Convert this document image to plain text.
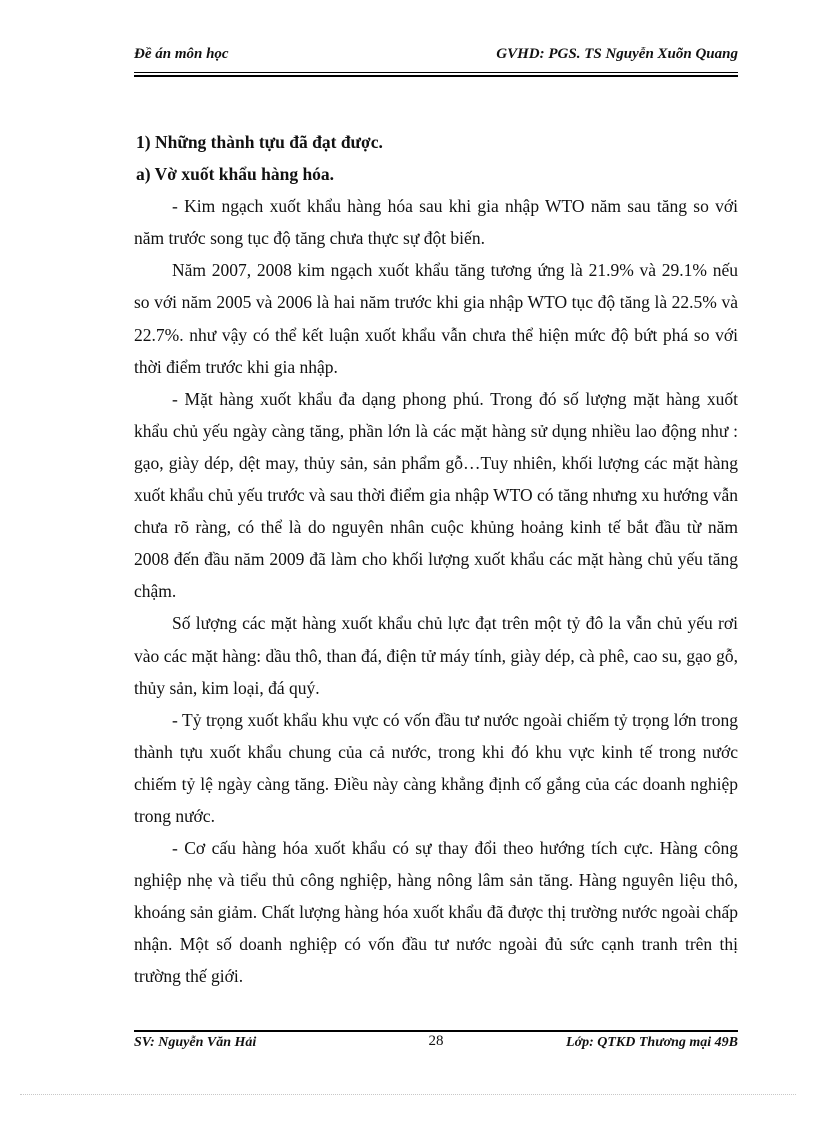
Đề án môn học	GVHD: PGS. TS Nguyễn Xuõn Quang

1) Những thành tựu đã đạt được.

a) Vờ xuốt khẩu hàng hóa.

- Kim ngạch xuốt khẩu hàng hóa sau khi gia nhập WTO năm sau tăng so với năm trước song tục độ tăng chưa thực sự đột biến.

Năm 2007, 2008 kim ngạch xuốt khẩu tăng tương ứng là 21.9% và 29.1% nếu so với năm 2005 và 2006 là hai năm trước khi gia nhập WTO tục độ tăng là 22.5% và 22.7%. như vậy có thể kết luận xuốt khẩu vẫn chưa thể hiện mức độ bứt phá so với thời điểm trước khi gia nhập.

- Mặt hàng xuốt khẩu đa dạng phong phú. Trong đó số lượng mặt hàng xuốt khẩu chủ yếu ngày càng tăng, phần lớn là các mặt hàng sử dụng nhiều lao động như : gạo, giày dép, dệt may, thủy sản, sản phẩm gỗ…Tuy nhiên, khối lượng các mặt hàng xuốt khẩu chủ yếu trước và sau thời điểm gia nhập WTO có tăng nhưng xu hướng vẫn chưa rõ ràng, có thể là do nguyên nhân cuộc khủng hoảng kinh tế bắt đầu từ năm 2008 đến đầu năm 2009 đã làm cho khối lượng xuốt khẩu các mặt hàng chủ yếu tăng chậm.

Số lượng các mặt hàng xuốt khẩu chủ lực đạt trên một tỷ đô la vẫn chủ yếu rơi vào các mặt hàng: dầu thô, than đá, điện tử máy tính, giày dép, cà phê, cao su, gạo gỗ, thủy sản, kim loại, đá quý.

- Tỷ trọng xuốt khẩu khu vực có vốn đầu tư nước ngoài chiếm tỷ trọng lớn trong thành tựu xuốt khẩu chung của cả nước, trong khi đó khu vực kinh tế trong nước chiếm tỷ lệ ngày càng tăng. Điều này càng khẳng định cố gắng của các doanh nghiệp trong nước.

- Cơ cấu hàng hóa xuốt khẩu có sự thay đổi theo hướng tích cực. Hàng công nghiệp nhẹ và tiểu thủ công nghiệp, hàng nông lâm sản tăng. Hàng nguyên liệu thô, khoáng sản giảm. Chất lượng hàng hóa xuốt khẩu đã được thị trường nước ngoài chấp nhận. Một số doanh nghiệp có vốn đầu tư nước ngoài đủ sức cạnh tranh trên thị trường thế giới.

SV: Nguyễn Văn Hải	28	Lớp: QTKD Thương mại 49B
